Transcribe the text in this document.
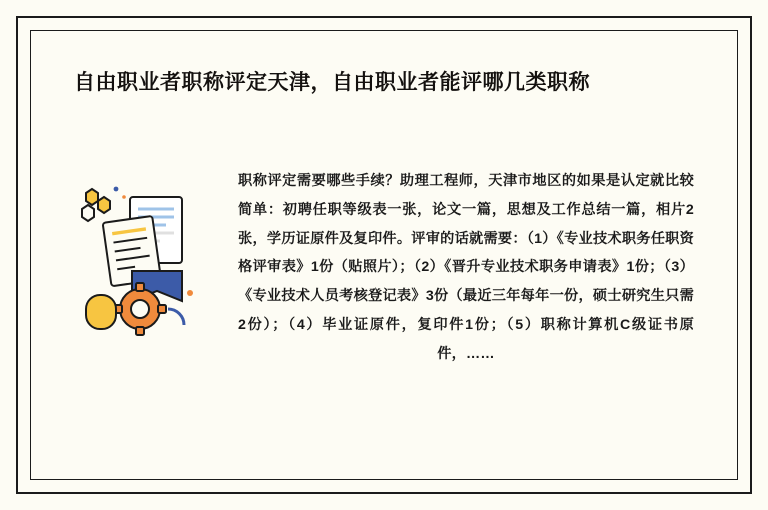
自由职业者职称评定天津，自由职业者能评哪几类职称

职称评定需要哪些手续？助理工程师，天津市地区的如果是认定就比较简单：初聘任职等级表一张，论文一篇，思想及工作总结一篇，相片2张，学历证原件及复印件。评审的话就需要：（1）《专业技术职务任职资格评审表》1份（贴照片）；（2）《晋升专业技术职务申请表》1份；（3）《专业技术人员考核登记表》3份（最近三年每年一份，硕士研究生只需2份）；（4）毕业证原件，复印件1份；（5）职称计算机C级证书原件，……
